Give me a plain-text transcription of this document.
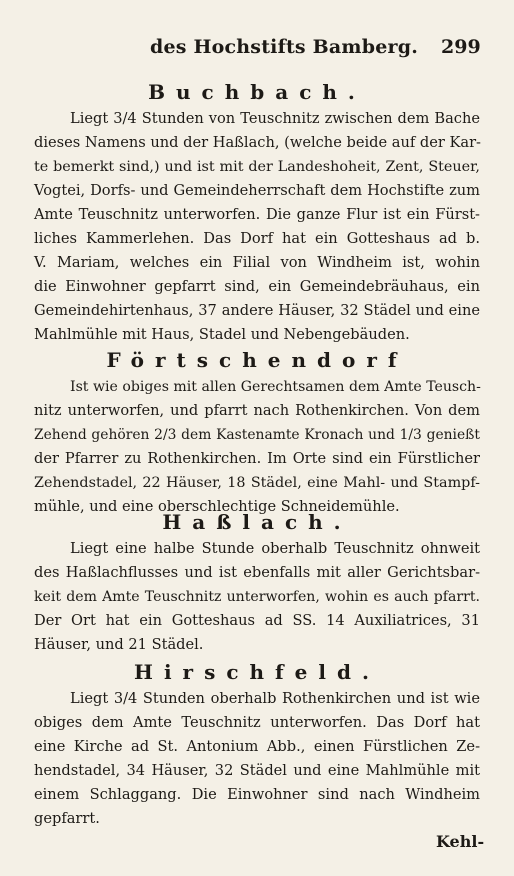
des Hochstifts Bamberg. 299
Buchbach.
Liegt 3/4 Stunden von Teuschnitz zwischen dem Bache
dieses Namens und der Haßlach, (welche beide auf der Kar-
te bemerkt sind,) und ist mit der Landeshoheit, Zent, Steuer,
Vogtei, Dorfs- und Gemeindeherrschaft dem Hochstifte zum
Amte Teuschnitz unterworfen. Die ganze Flur ist ein Fürst-
liches Kammerlehen. Das Dorf hat ein Gotteshaus ad b.
V. Mariam, welches ein Filial von Windheim ist, wohin
die Einwohner gepfarrt sind, ein Gemeindebräuhaus, ein
Gemeindehirtenhaus, 37 andere Häuser, 32 Städel und eine
Mahlmühle mit Haus, Stadel und Nebengebäuden.
Förtschendorf
Ist wie obiges mit allen Gerechtsamen dem Amte Teusch-
nitz unterworfen, und pfarrt nach Rothenkirchen. Von dem
Zehend gehören 2/3 dem Kastenamte Kronach und 1/3 genießt
der Pfarrer zu Rothenkirchen. Im Orte sind ein Fürstlicher
Zehendstadel, 22 Häuser, 18 Städel, eine Mahl- und Stampf-
mühle, und eine oberschlechtige Schneidemühle.
Haßlach.
Liegt eine halbe Stunde oberhalb Teuschnitz ohnweit
des Haßlachflusses und ist ebenfalls mit aller Gerichtsbar-
keit dem Amte Teuschnitz unterworfen, wohin es auch pfarrt.
Der Ort hat ein Gotteshaus ad SS. 14 Auxiliatrices, 31
Häuser, und 21 Städel.
Hirschfeld.
Liegt 3/4 Stunden oberhalb Rothenkirchen und ist wie
obiges dem Amte Teuschnitz unterworfen. Das Dorf hat
eine Kirche ad St. Antonium Abb., einen Fürstlichen Ze-
hendstadel, 34 Häuser, 32 Städel und eine Mahlmühle mit
einem Schlaggang. Die Einwohner sind nach Windheim
gepfarrt.
Kehl-
